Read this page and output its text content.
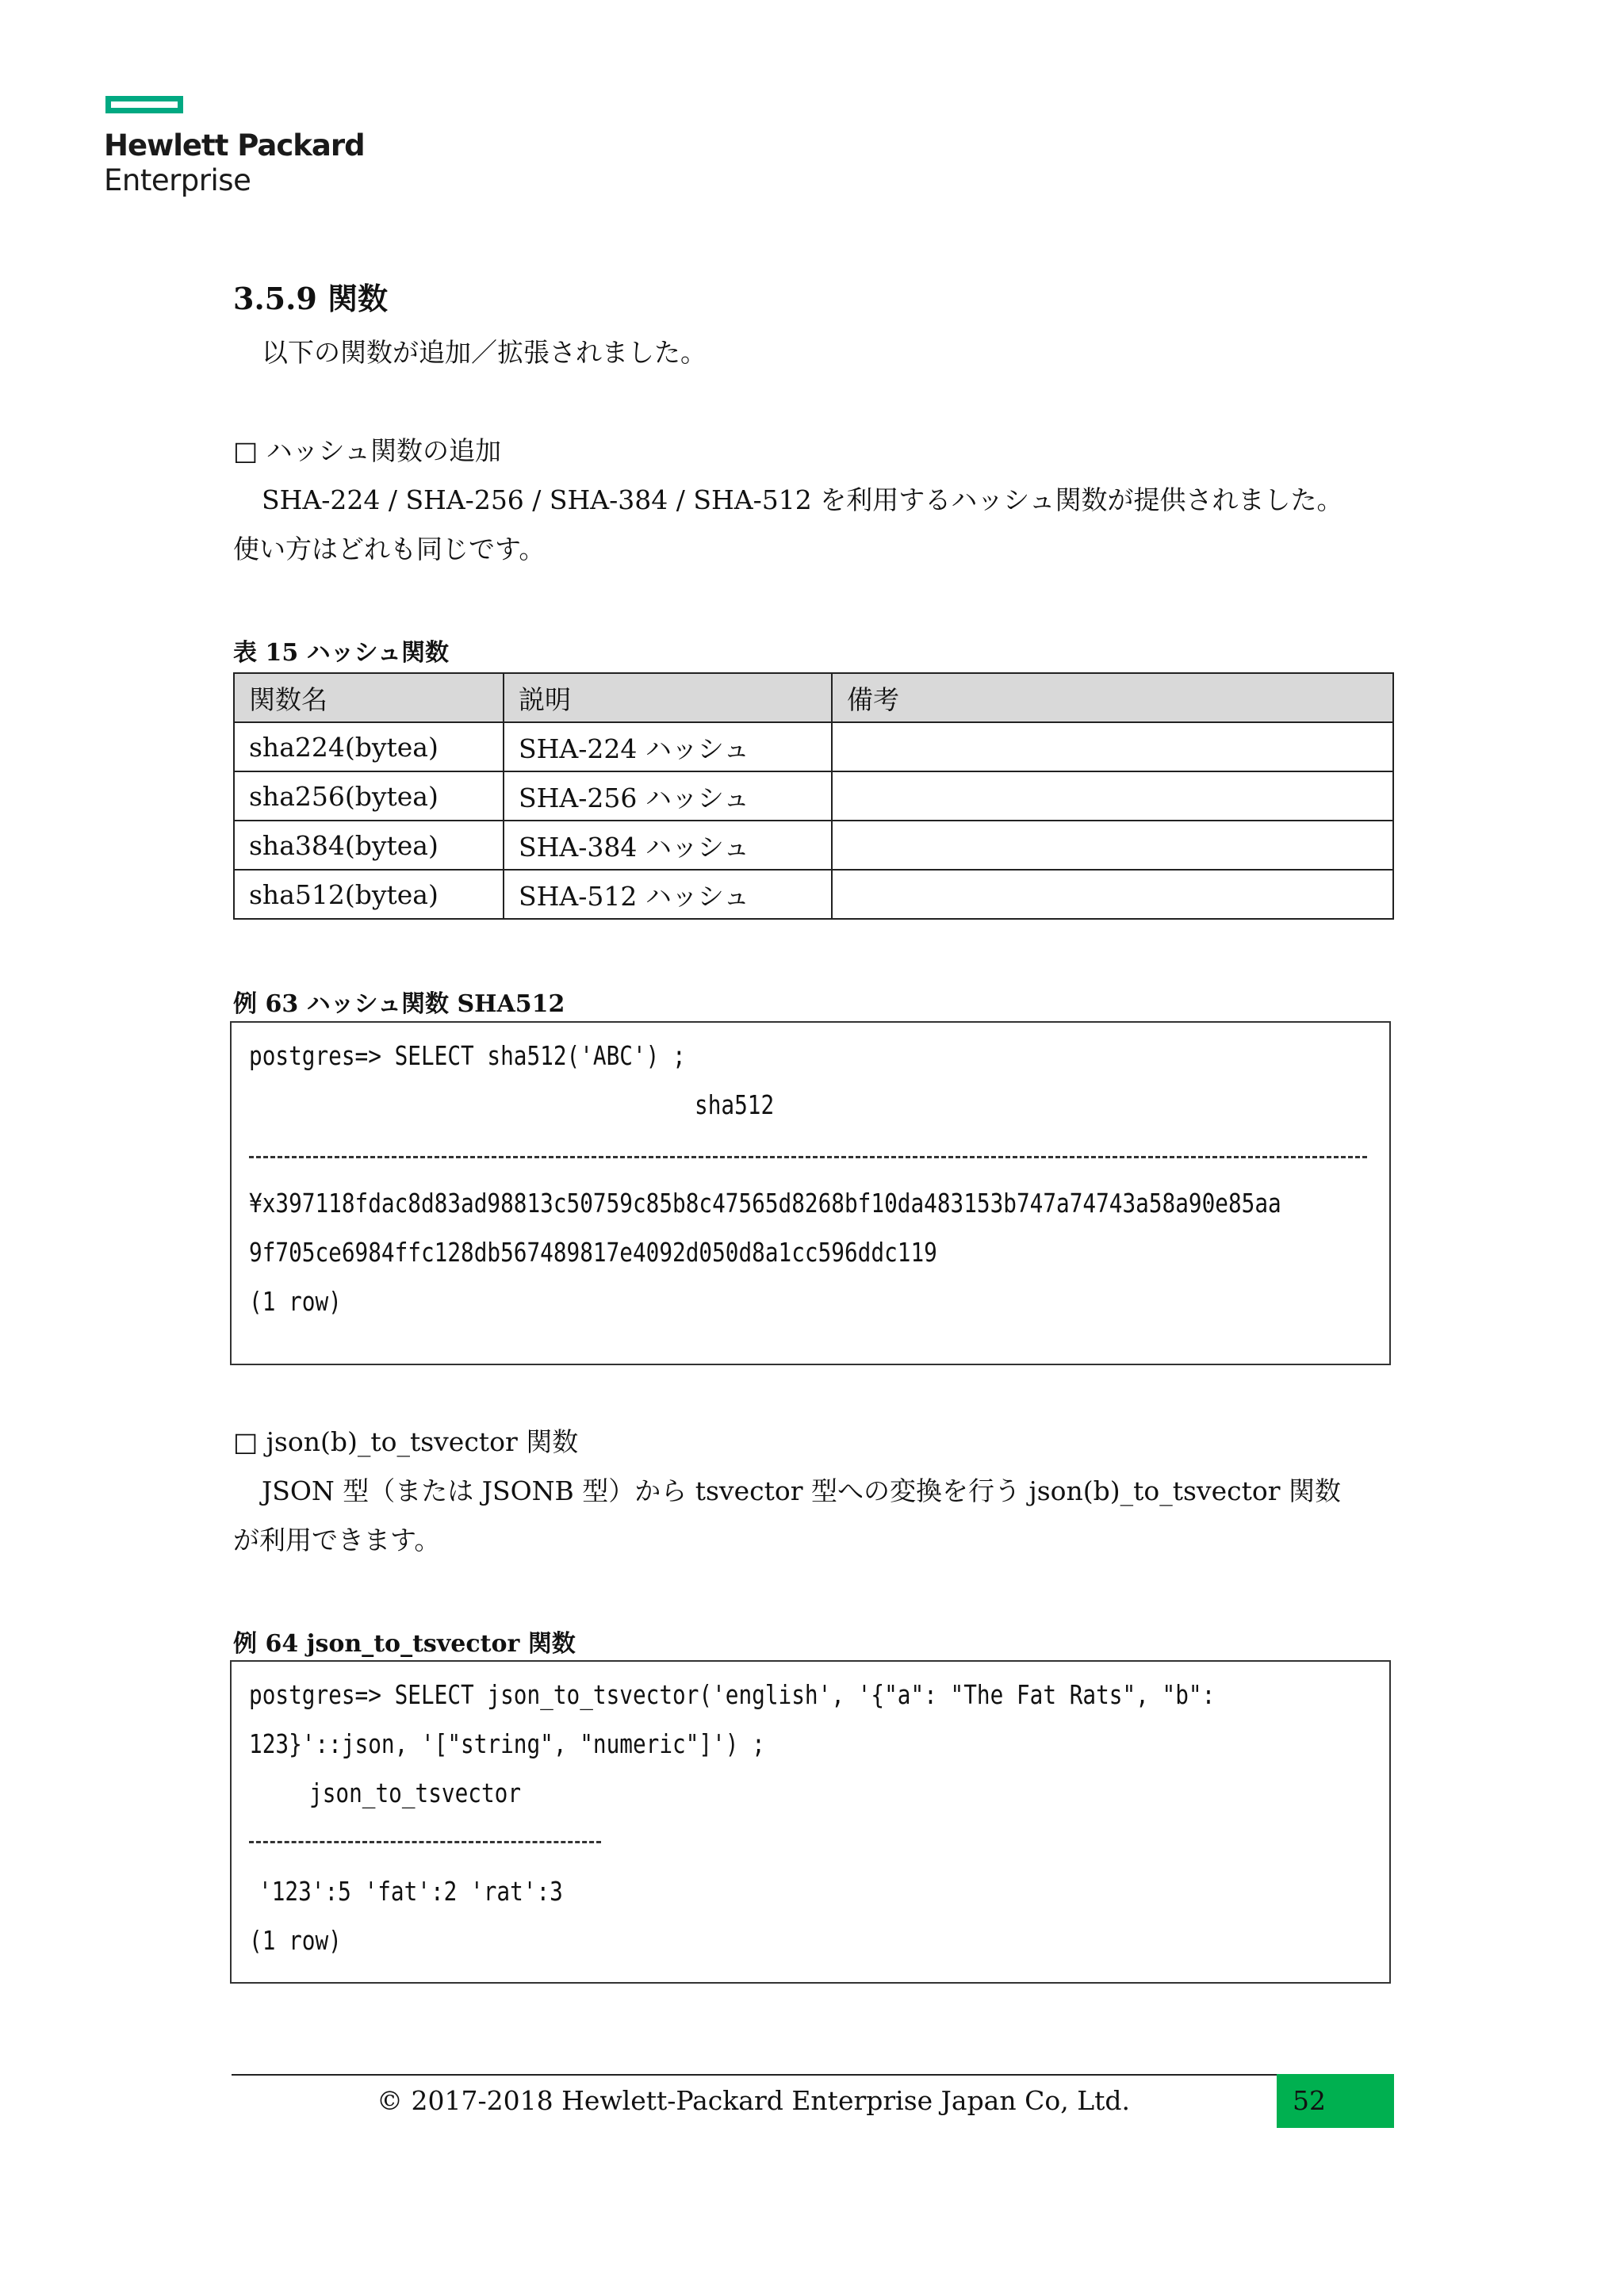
Hewlett Packard
Enterprise
3.5.9 関数
以下の関数が追加／拡張されました。
□ ハッシュ関数の追加
SHA-224 / SHA-256 / SHA-384 / SHA-512 を利用するハッシュ関数が提供されました。
使い方はどれも同じです。
表 15 ハッシュ関数
関数名	説明	備考
sha224(bytea)	SHA-224 ハッシュ	
sha256(bytea)	SHA-256 ハッシュ	
sha384(bytea)	SHA-384 ハッシュ	
sha512(bytea)	SHA-512 ハッシュ	
例 63 ハッシュ関数 SHA512
postgres=> SELECT sha512('ABC') ;
sha512
¥x397118fdac8d83ad98813c50759c85b8c47565d8268bf10da483153b747a74743a58a90e85aa
9f705ce6984ffc128db567489817e4092d050d8a1cc596ddc119
(1 row)
□ json(b)_to_tsvector 関数
JSON 型（または JSONB 型）から tsvector 型への変換を行う json(b)_to_tsvector 関数
が利用できます。
例 64 json_to_tsvector 関数
postgres=> SELECT json_to_tsvector('english', '{"a": "The Fat Rats", "b":
123}'::json, '["string", "numeric"]') ;
json_to_tsvector
'123':5 'fat':2 'rat':3
(1 row)
© 2017-2018 Hewlett-Packard Enterprise Japan Co, Ltd.	52
